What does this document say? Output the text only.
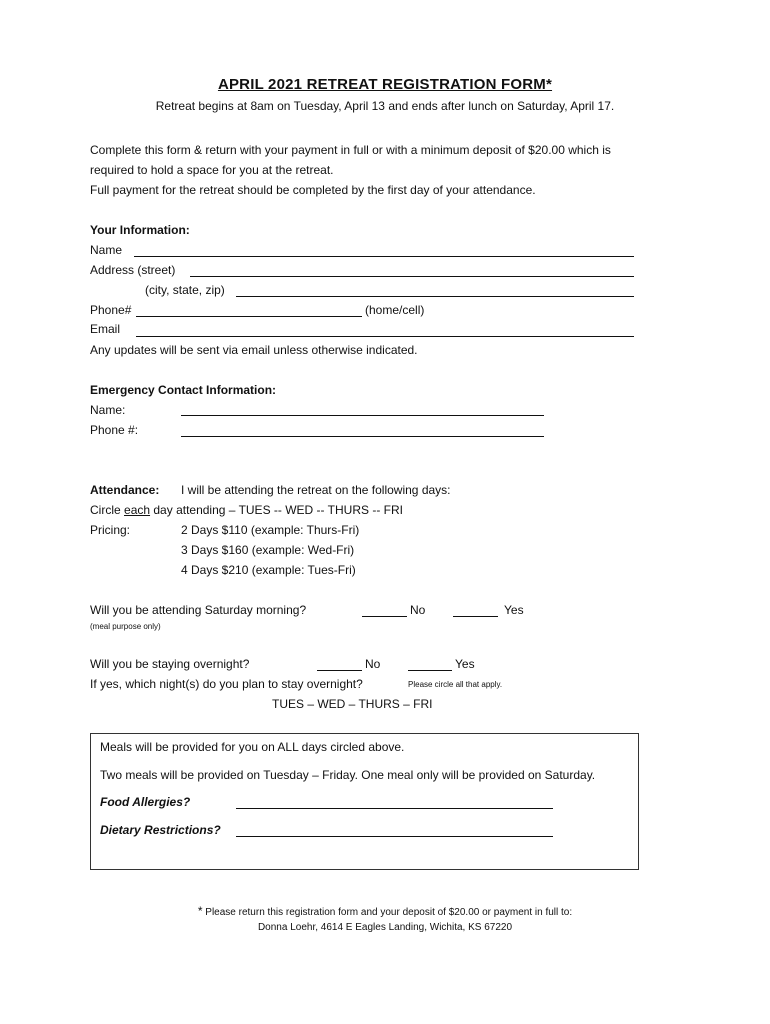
APRIL 2021 RETREAT REGISTRATION FORM*
Retreat begins at 8am on Tuesday, April 13 and ends after lunch on Saturday, April 17.
Complete this form & return with your payment in full or with a minimum deposit of $20.00 which is
required to hold a space for you at the retreat.
Full payment for the retreat should be completed by the first day of your attendance.
Your Information:
Name
Address (street)
(city, state, zip)
Phone#	(home/cell)
Email
Any updates will be sent via email unless otherwise indicated.
Emergency Contact Information:
Name:
Phone #:
Attendance: I will be attending the retreat on the following days:
Circle each day attending – TUES -- WED -- THURS -- FRI
Pricing:	2 Days $110 (example: Thurs-Fri)
3 Days $160 (example: Wed-Fri)
4 Days $210 (example: Tues-Fri)
Will you be attending Saturday morning?	No	Yes
(meal purpose only)
Will you be staying overnight?	No	Yes
If yes, which night(s) do you plan to stay overnight?	Please circle all that apply.
TUES – WED – THURS – FRI
Meals will be provided for you on ALL days circled above.
Two meals will be provided on Tuesday – Friday. One meal only will be provided on Saturday.
Food Allergies?
Dietary Restrictions?
* Please return this registration form and your deposit of $20.00 or payment in full to:
Donna Loehr, 4614 E Eagles Landing, Wichita, KS 67220
